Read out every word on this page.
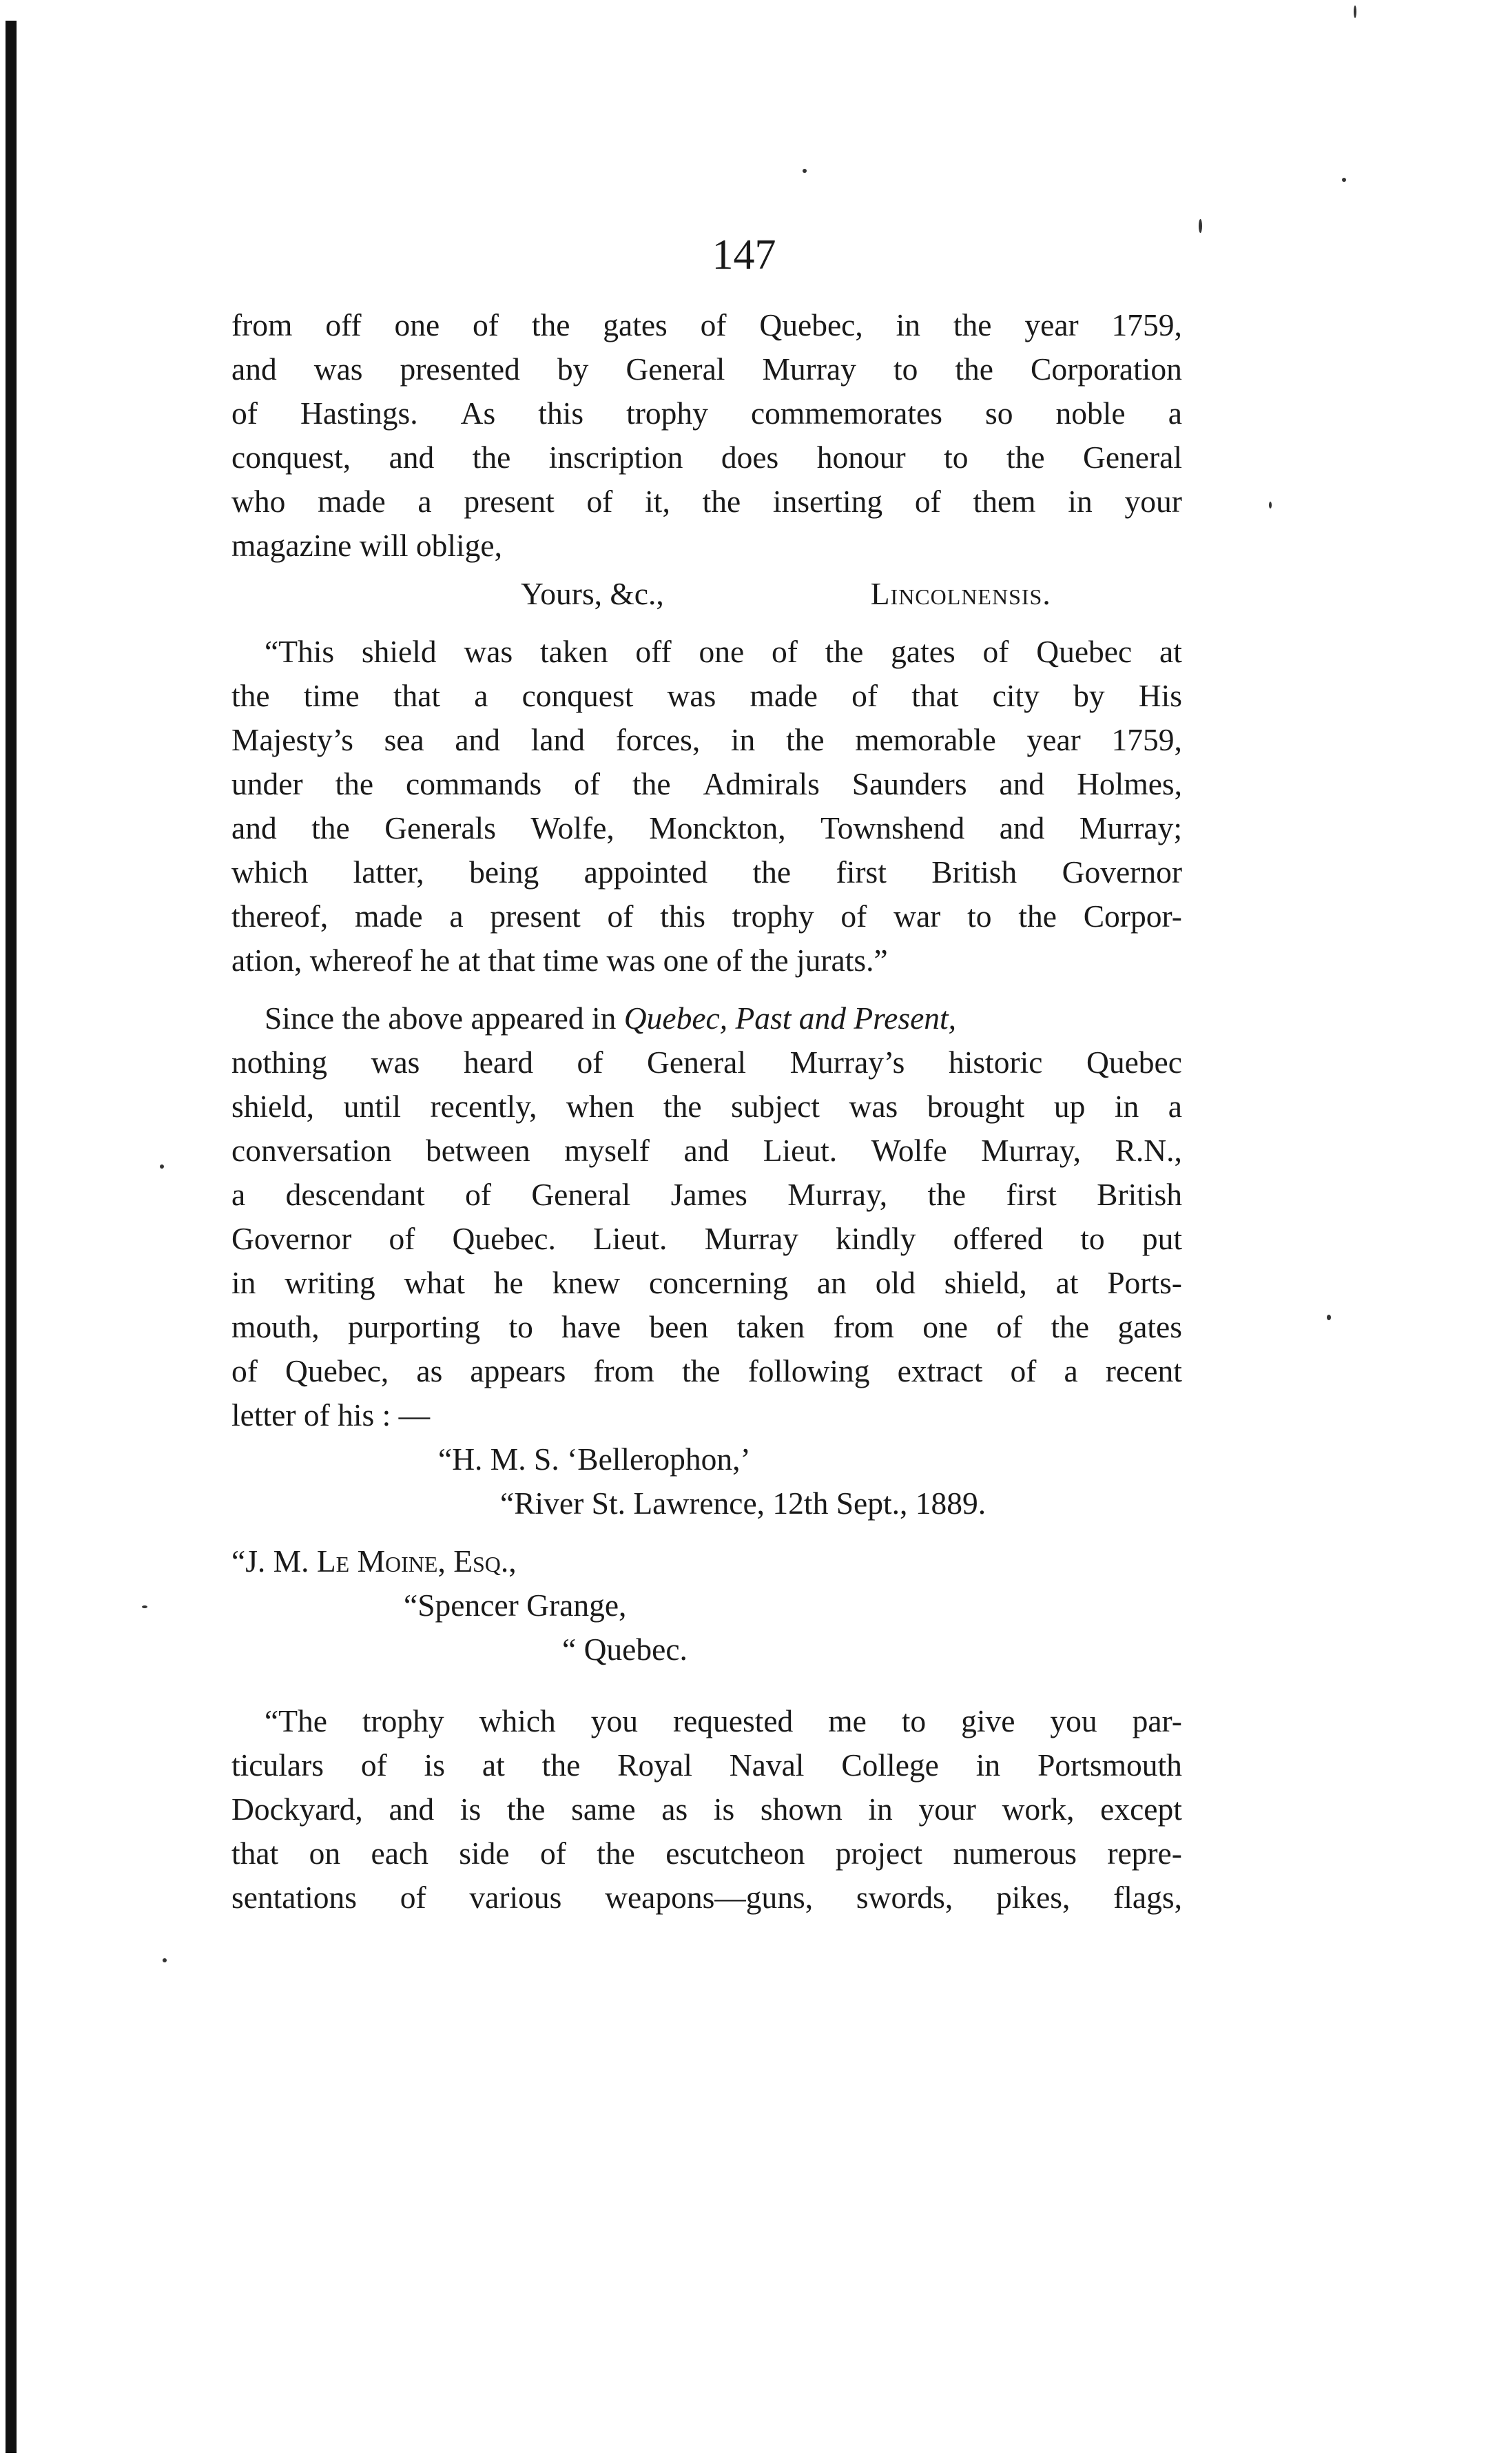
147
from off one of the gates of Quebec, in the year 1759,
and was presented by General Murray to the Corporation
of Hastings. As this trophy commemorates so noble a
conquest, and the inscription does honour to the General
who made a present of it, the inserting of them in your
magazine will oblige,
Yours, &c.,	Lincolnensis.
“This shield was taken off one of the gates of Quebec at
the time that a conquest was made of that city by His
Majesty’s sea and land forces, in the memorable year 1759,
under the commands of the Admirals Saunders and Holmes,
and the Generals Wolfe, Monckton, Townshend and Murray;
which latter, being appointed the first British Governor
thereof, made a present of this trophy of war to the Corpor-
ation, whereof he at that time was one of the jurats.”
Since the above appeared in Quebec, Past and Present,
nothing was heard of General Murray’s historic Quebec
shield, until recently, when the subject was brought up in a
conversation between myself and Lieut. Wolfe Murray, R.N.,
a descendant of General James Murray, the first British
Governor of Quebec. Lieut. Murray kindly offered to put
in writing what he knew concerning an old shield, at Ports-
mouth, purporting to have been taken from one of the gates
of Quebec, as appears from the following extract of a recent
letter of his : —
“H. M. S. ‘Bellerophon,’
“River St. Lawrence, 12th Sept., 1889.
“J. M. Le Moine, Esq.,
“Spencer Grange,
“ Quebec.
“The trophy which you requested me to give you par-
ticulars of is at the Royal Naval College in Portsmouth
Dockyard, and is the same as is shown in your work, except
that on each side of the escutcheon project numerous repre-
sentations of various weapons—guns, swords, pikes, flags,
